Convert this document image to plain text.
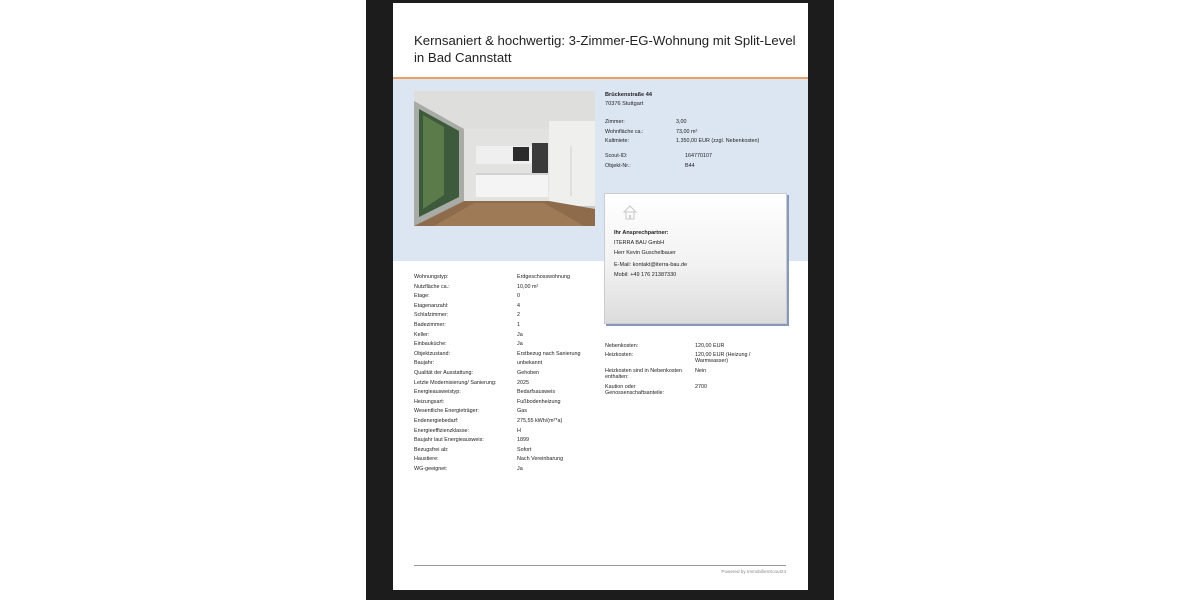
Kernsaniert & hochwertig: 3-Zimmer-EG-Wohnung mit Split-Level in Bad Cannstatt
Brückenstraße 44
70376 Stuttgart
Zimmer:	3,00
Wohnfläche ca.:	73,00 m²
Kaltmiete:	1.350,00 EUR (zzgl. Nebenkosten)
Scout-ID:	164770107
Objekt-Nr.:	B44
Ihr Ansprechpartner:
ITERRA BAU GmbH
Herr Kevin Guschelbauer
E-Mail: kontakt@iterra-bau.de
Mobil: +49 176 21387330
Wohnungstyp:	Erdgeschosswohnung
Nutzfläche ca.:	10,00 m²
Etage:	0
Etagenanzahl:	4
Schlafzimmer:	2
Badezimmer:	1
Keller:	Ja
Einbauküche:	Ja
Objektzustand:	Erstbezug nach Sanierung
Baujahr:	unbekannt
Qualität der Ausstattung:	Gehoben
Letzte Modernisierung/ Sanierung:	2025
Energieausweistyp:	Bedarfsausweis
Heizungsart:	Fußbodenheizung
Wesentliche Energieträger:	Gas
Endenergiebedarf:	275,55 kWh/(m²*a)
Energieeffizienzklasse:	H
Baujahr laut Energieausweis:	1899
Bezugsfrei ab:	Sofort
Haustiere:	Nach Vereinbarung
WG-geeignet:	Ja
Nebenkosten:	120,00 EUR
Heizkosten:	120,00 EUR (Heizung / Warmwasser)
Heizkosten sind in Nebenkosten enthalten:
Nein
Kaution oder Genossenschaftsanteile:
2700
Powered by ImmobilienScout24
